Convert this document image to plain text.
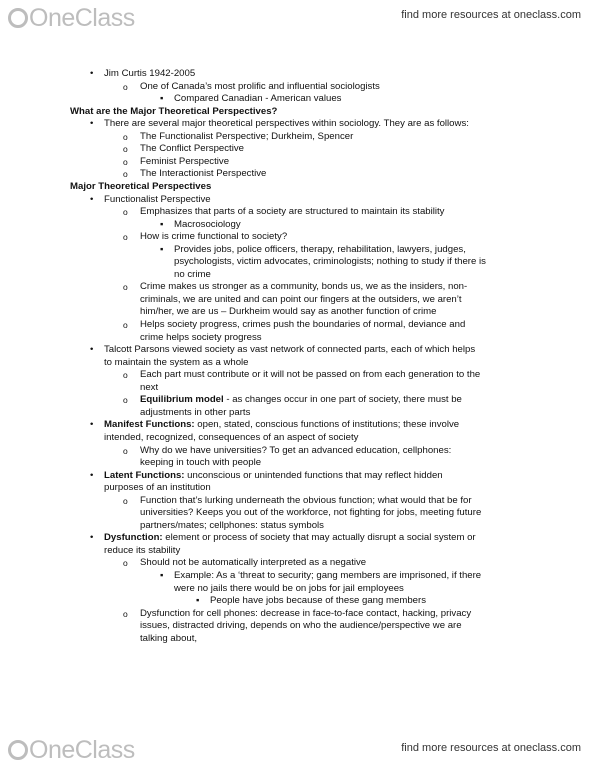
OneClass	find more resources at oneclass.com
• Jim Curtis 1942-2005
o One of Canada’s most prolific and influential sociologists
▪ Compared Canadian - American values
What are the Major Theoretical Perspectives?
• There are several major theoretical perspectives within sociology. They are as follows:
o The Functionalist Perspective; Durkheim, Spencer
o The Conflict Perspective
o Feminist Perspective
o The Interactionist Perspective
Major Theoretical Perspectives
• Functionalist Perspective
o Emphasizes that parts of a society are structured to maintain its stability
▪ Macrosociology
o How is crime functional to society?
▪ Provides jobs, police officers, therapy, rehabilitation, lawyers, judges,
psychologists, victim advocates, criminologists; nothing to study if there is
no crime
o Crime makes us stronger as a community, bonds us, we as the insiders, non-
criminals, we are united and can point our fingers at the outsiders, we aren’t
him/her, we are us – Durkheim would say as another function of crime
o Helps society progress, crimes push the boundaries of normal, deviance and
crime helps society progress
• Talcott Parsons viewed society as vast network of connected parts, each of which helps
to maintain the system as a whole
o Each part must contribute or it will not be passed on from each generation to the
next
o Equilibrium model - as changes occur in one part of society, there must be
adjustments in other parts
• Manifest Functions: open, stated, conscious functions of institutions; these involve
intended, recognized, consequences of an aspect of society
o Why do we have universities? To get an advanced education, cellphones:
keeping in touch with people
• Latent Functions: unconscious or unintended functions that may reflect hidden
purposes of an institution
o Function that’s lurking underneath the obvious function; what would that be for
universities? Keeps you out of the workforce, not fighting for jobs, meeting future
partners/mates; cellphones: status symbols
• Dysfunction: element or process of society that may actually disrupt a social system or
reduce its stability
o Should not be automatically interpreted as a negative
▪ Example: As a ‘threat to security; gang members are imprisoned, if there
were no jails there would be on jobs for jail employees
▪ People have jobs because of these gang members
o Dysfunction for cell phones: decrease in face-to-face contact, hacking, privacy
issues, distracted driving, depends on who the audience/perspective we are
talking about,
OneClass	find more resources at oneclass.com
